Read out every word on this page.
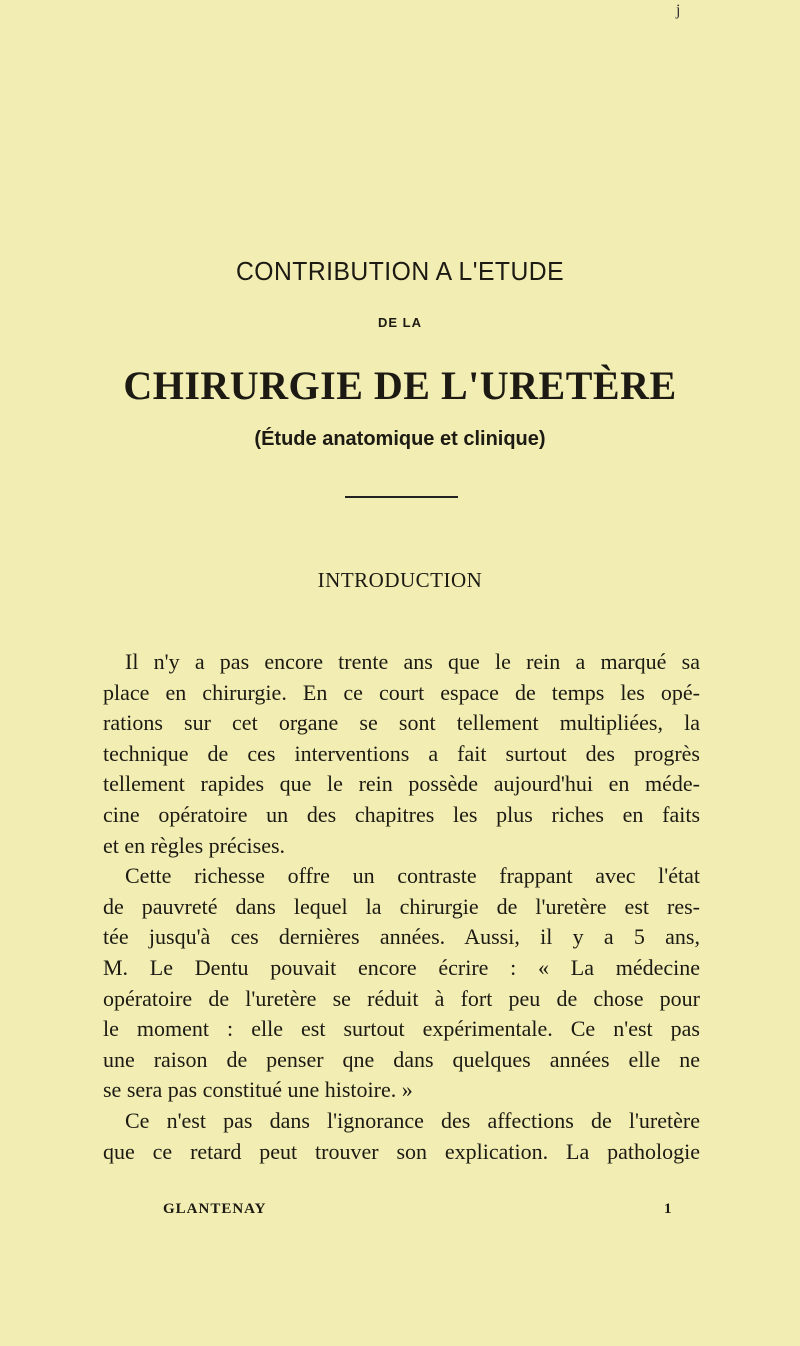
j
CONTRIBUTION A L'ETUDE
DE LA
CHIRURGIE DE L'URETÈRE
(Étude anatomique et clinique)
INTRODUCTION
Il n'y a pas encore trente ans que le rein a marqué sa
place en chirurgie. En ce court espace de temps les opé-
rations sur cet organe se sont tellement multipliées, la
technique de ces interventions a fait surtout des progrès
tellement rapides que le rein possède aujourd'hui en méde-
cine opératoire un des chapitres les plus riches en faits
et en règles précises.
Cette richesse offre un contraste frappant avec l'état
de pauvreté dans lequel la chirurgie de l'uretère est res-
tée jusqu'à ces dernières années. Aussi, il y a 5 ans,
M. Le Dentu pouvait encore écrire : « La médecine
opératoire de l'uretère se réduit à fort peu de chose pour
le moment : elle est surtout expérimentale. Ce n'est pas
une raison de penser qne dans quelques années elle ne
se sera pas constitué une histoire. »
Ce n'est pas dans l'ignorance des affections de l'uretère
que ce retard peut trouver son explication. La pathologie
GLANTENAY	1
